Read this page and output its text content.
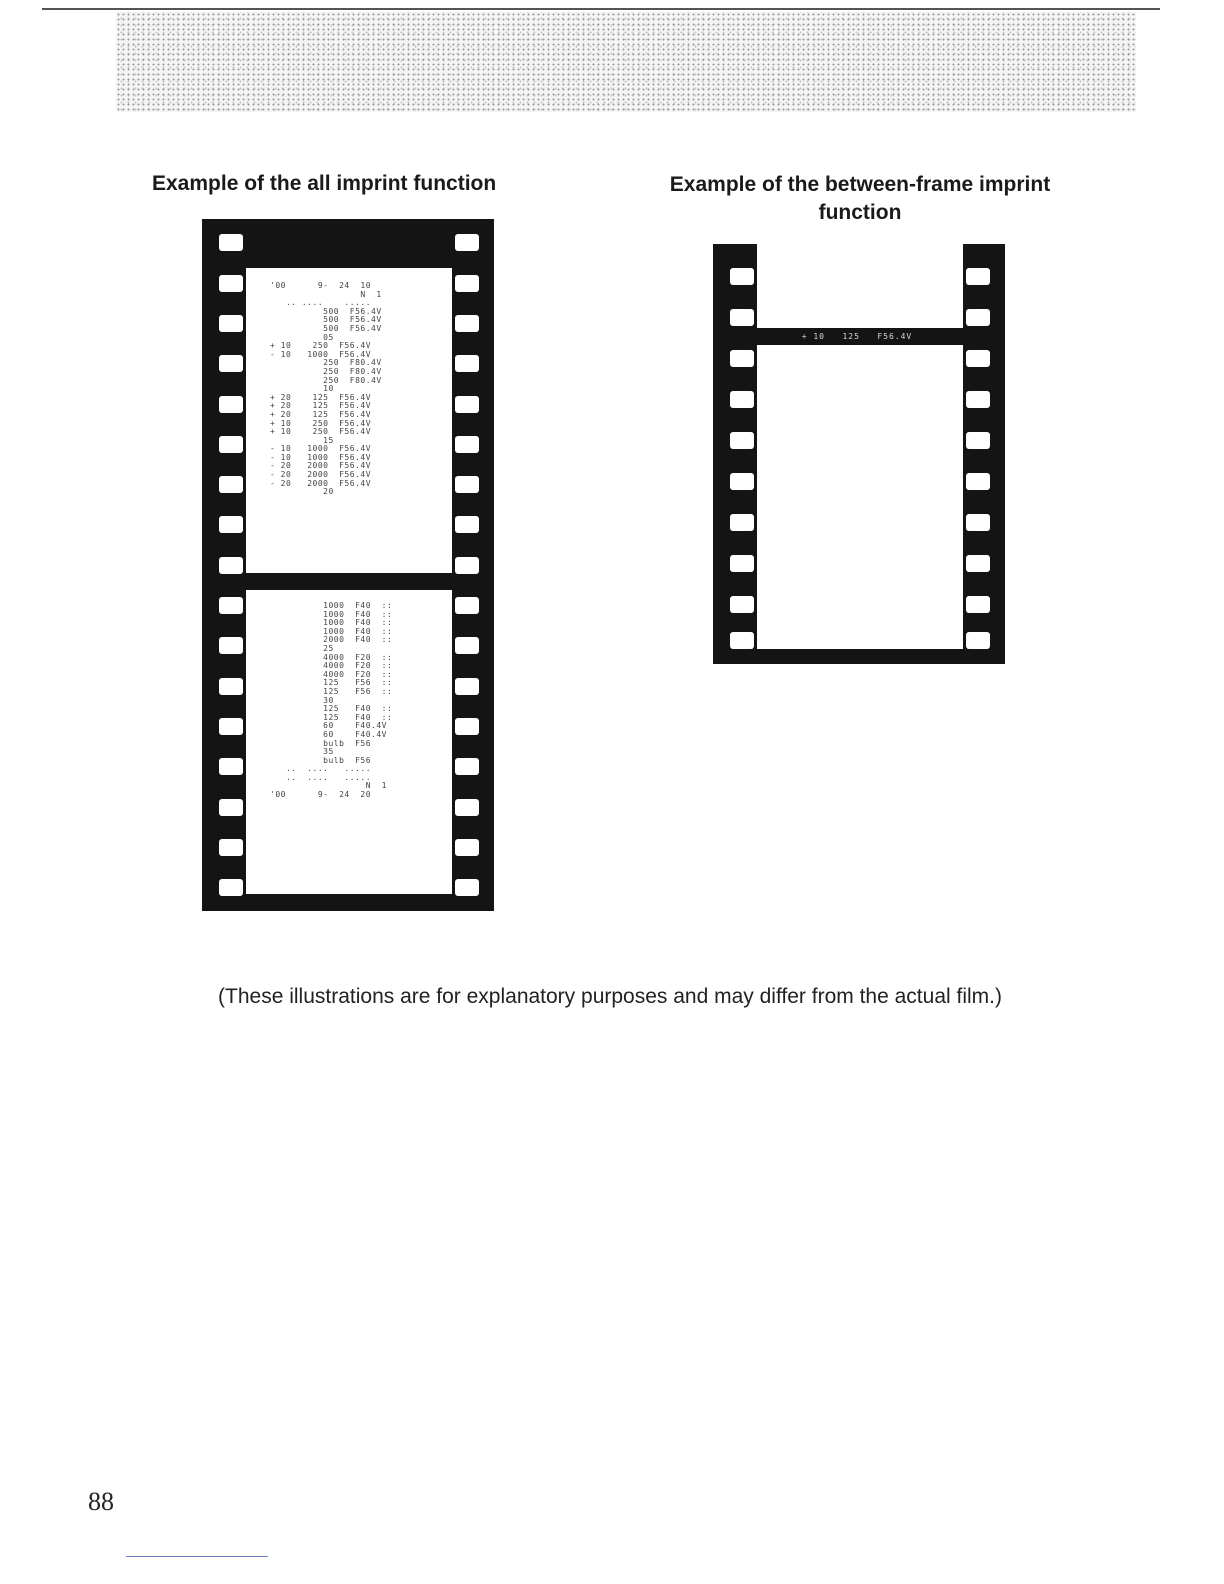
Example of the all imprint function	Example of the between-frame imprint function
'00      9-  24  10
N  1
.. ....    .....
500  F56.4V
500  F56.4V
500  F56.4V
05
+ 10    250  F56.4V
- 10   1000  F56.4V
250  F80.4V
250  F80.4V
250  F80.4V
10
+ 20    125  F56.4V
+ 20    125  F56.4V
+ 20    125  F56.4V
+ 10    250  F56.4V
+ 10    250  F56.4V
15
- 10   1000  F56.4V
- 10   1000  F56.4V
- 20   2000  F56.4V
- 20   2000  F56.4V
- 20   2000  F56.4V
20
1000  F40  ::
1000  F40  ::
1000  F40  ::
1000  F40  ::
2000  F40  ::
25
4000  F20  ::
4000  F20  ::
4000  F20  ::
125   F56  ::
125   F56  ::
30
125   F40  ::
125   F40  ::
60    F40.4V
60    F40.4V
bulb  F56
35
bulb  F56
..  ....   .....
..  ....   .....
N  1
'00      9-  24  20
+ 10   125   F56.4V

(These illustrations are for explanatory purposes and may differ from the actual film.)

88
